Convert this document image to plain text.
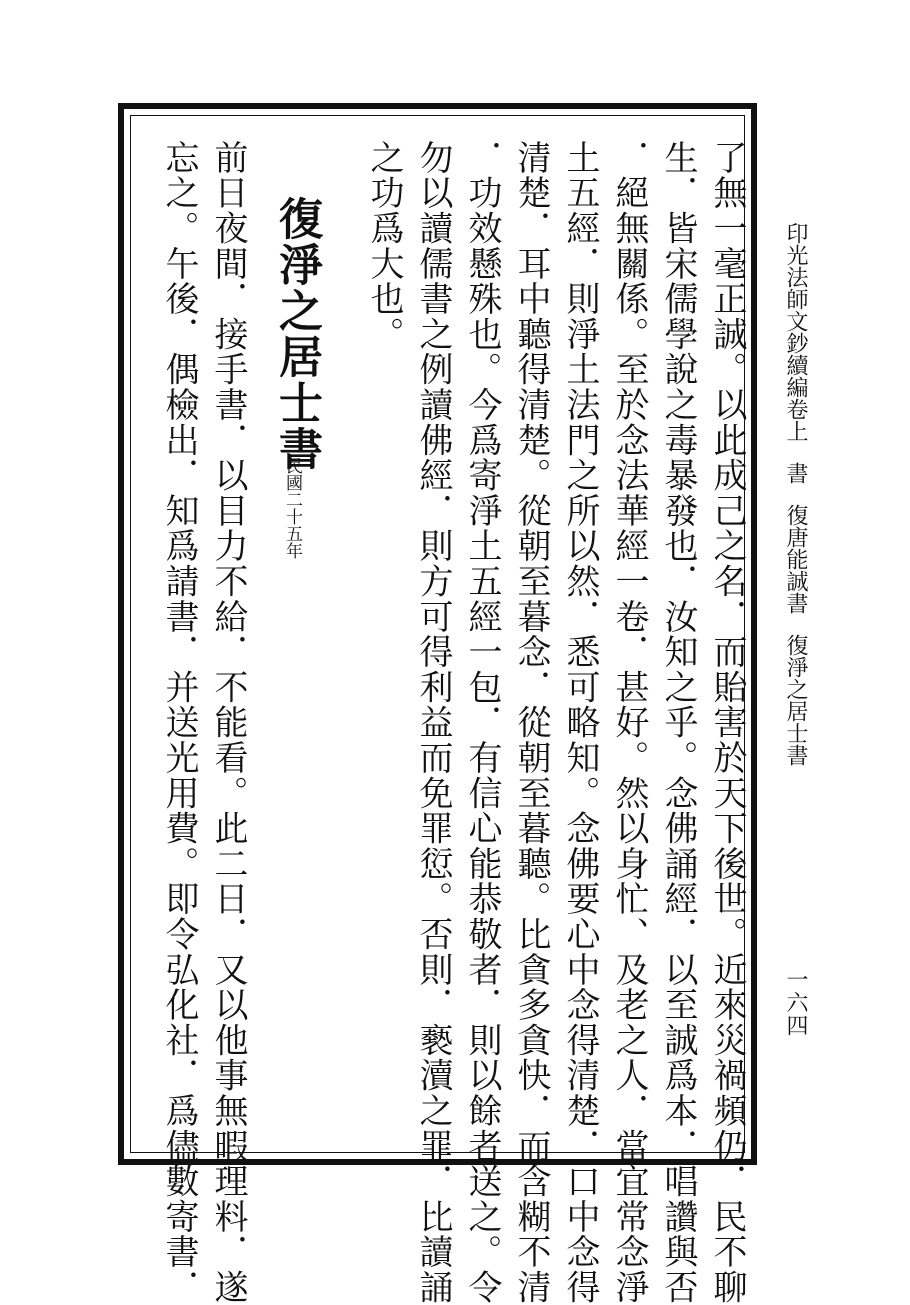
印光法師文鈔續編卷上書復唐能誠書復淨之居士書
一六四
了無一毫正誠。以此成己之名．而貽害於天下後世。近來災禍頻仍．民不聊
生．皆宋儒學說之毒暴發也．汝知之乎。念佛誦經．以至誠爲本．唱讚與否
．絕無關係。至於念法華經一卷．甚好。然以身忙、及老之人．當宜常念淨
土五經．則淨土法門之所以然．悉可略知。念佛要心中念得清楚．口中念得
清楚．耳中聽得清楚。從朝至暮念．從朝至暮聽。比貪多貪快．而含糊不清
．功效懸殊也。今爲寄淨土五經一包．有信心能恭敬者．則以餘者送之。令
勿以讀儒書之例讀佛經．則方可得利益而免罪愆。否則．褻瀆之罪．比讀誦
之功爲大也。
復淨之居士書
民國二十五年
前日夜間．接手書．以目力不給．不能看。此二日．又以他事無暇理料．遂
忘之。午後．偶檢出．知爲請書．并送光用費。即令弘化社．爲儘數寄書．
